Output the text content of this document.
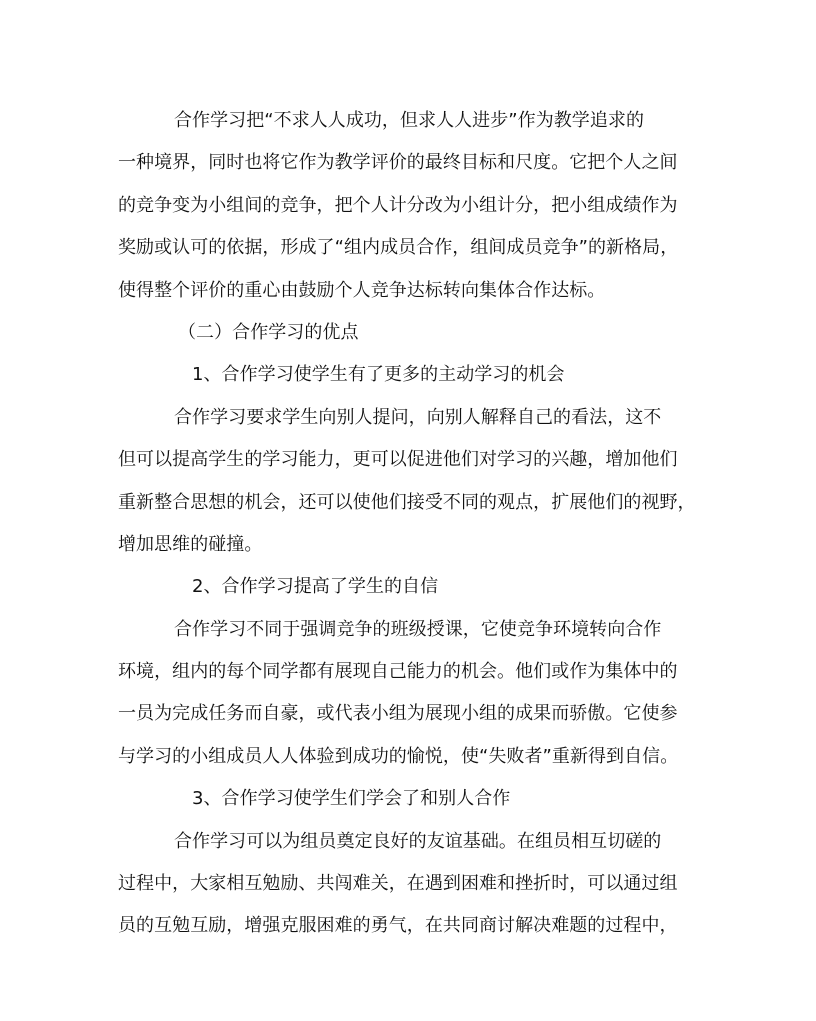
合作学习把“不求人人成功，但求人人进步”作为教学追求的
一种境界，同时也将它作为教学评价的最终目标和尺度。它把个人之间
的竞争变为小组间的竞争，把个人计分改为小组计分，把小组成绩作为
奖励或认可的依据，形成了“组内成员合作，组间成员竞争”的新格局，
使得整个评价的重心由鼓励个人竞争达标转向集体合作达标。
（二）合作学习的优点
1、合作学习使学生有了更多的主动学习的机会
合作学习要求学生向别人提问，向别人解释自己的看法，这不
但可以提高学生的学习能力，更可以促进他们对学习的兴趣，增加他们
重新整合思想的机会，还可以使他们接受不同的观点，扩展他们的视野，
增加思维的碰撞。
2、合作学习提高了学生的自信
合作学习不同于强调竞争的班级授课，它使竞争环境转向合作
环境，组内的每个同学都有展现自己能力的机会。他们或作为集体中的
一员为完成任务而自豪，或代表小组为展现小组的成果而骄傲。它使参
与学习的小组成员人人体验到成功的愉悦，使“失败者”重新得到自信。
3、合作学习使学生们学会了和别人合作
合作学习可以为组员奠定良好的友谊基础。在组员相互切磋的
过程中，大家相互勉励、共闯难关，在遇到困难和挫折时，可以通过组
员的互勉互励，增强克服困难的勇气，在共同商讨解决难题的过程中，
